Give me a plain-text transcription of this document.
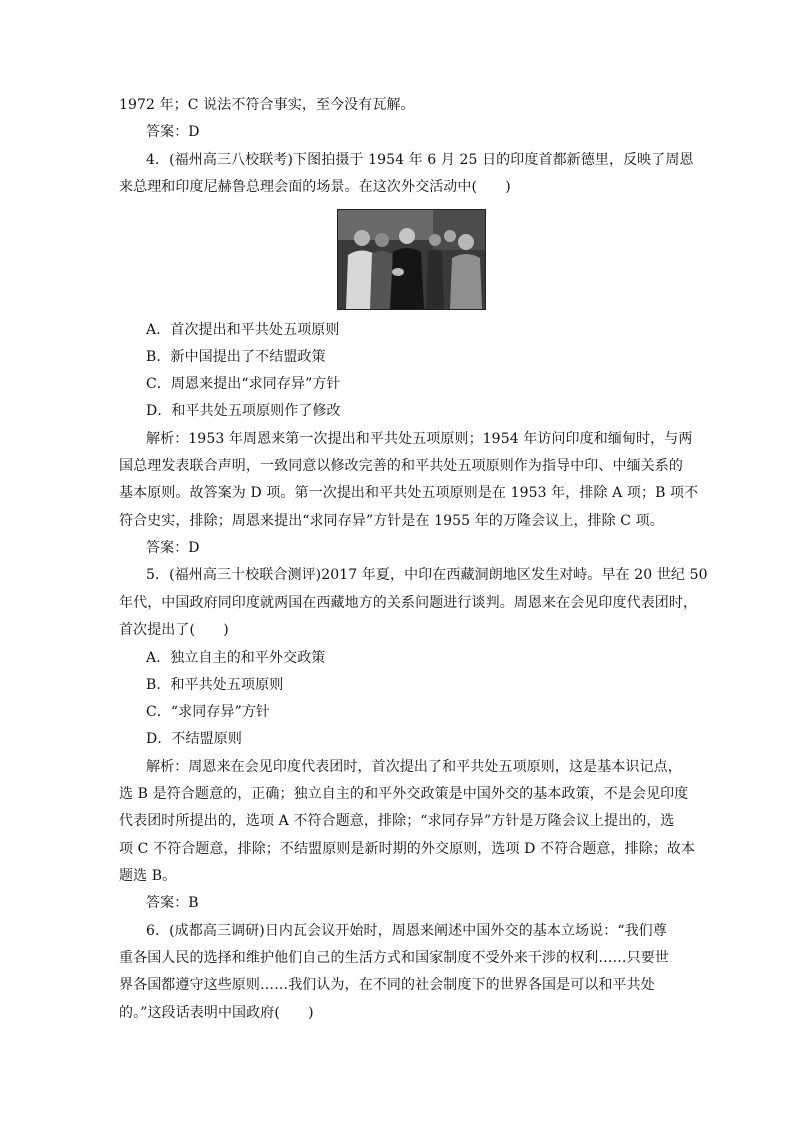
1972 年；C 说法不符合事实，至今没有瓦解。
答案：D
4．(福州高三八校联考)下图拍摄于 1954 年 6 月 25 日的印度首都新德里，反映了周恩
来总理和印度尼赫鲁总理会面的场景。在这次外交活动中(　　)
A．首次提出和平共处五项原则
B．新中国提出了不结盟政策
C．周恩来提出“求同存异”方针
D．和平共处五项原则作了修改
解析：1953 年周恩来第一次提出和平共处五项原则；1954 年访问印度和缅甸时，与两
国总理发表联合声明，一致同意以修改完善的和平共处五项原则作为指导中印、中缅关系的
基本原则。故答案为 D 项。第一次提出和平共处五项原则是在 1953 年，排除 A 项；B 项不
符合史实，排除；周恩来提出“求同存异”方针是在 1955 年的万隆会议上，排除 C 项。
答案：D
5．(福州高三十校联合测评)2017 年夏，中印在西藏洞朗地区发生对峙。早在 20 世纪 50
年代，中国政府同印度就两国在西藏地方的关系问题进行谈判。周恩来在会见印度代表团时，
首次提出了(　　)
A．独立自主的和平外交政策
B．和平共处五项原则
C．“求同存异”方针
D．不结盟原则
解析：周恩来在会见印度代表团时，首次提出了和平共处五项原则，这是基本识记点，
选 B 是符合题意的，正确；独立自主的和平外交政策是中国外交的基本政策，不是会见印度
代表团时所提出的，选项 A 不符合题意，排除；“求同存异”方针是万隆会议上提出的，选
项 C 不符合题意，排除；不结盟原则是新时期的外交原则，选项 D 不符合题意，排除；故本
题选 B。
答案：B
6．(成都高三调研)日内瓦会议开始时，周恩来阐述中国外交的基本立场说：“我们尊
重各国人民的选择和维护他们自己的生活方式和国家制度不受外来干涉的权利……只要世
界各国都遵守这些原则……我们认为，在不同的社会制度下的世界各国是可以和平共处
的。”这段话表明中国政府(　　)
